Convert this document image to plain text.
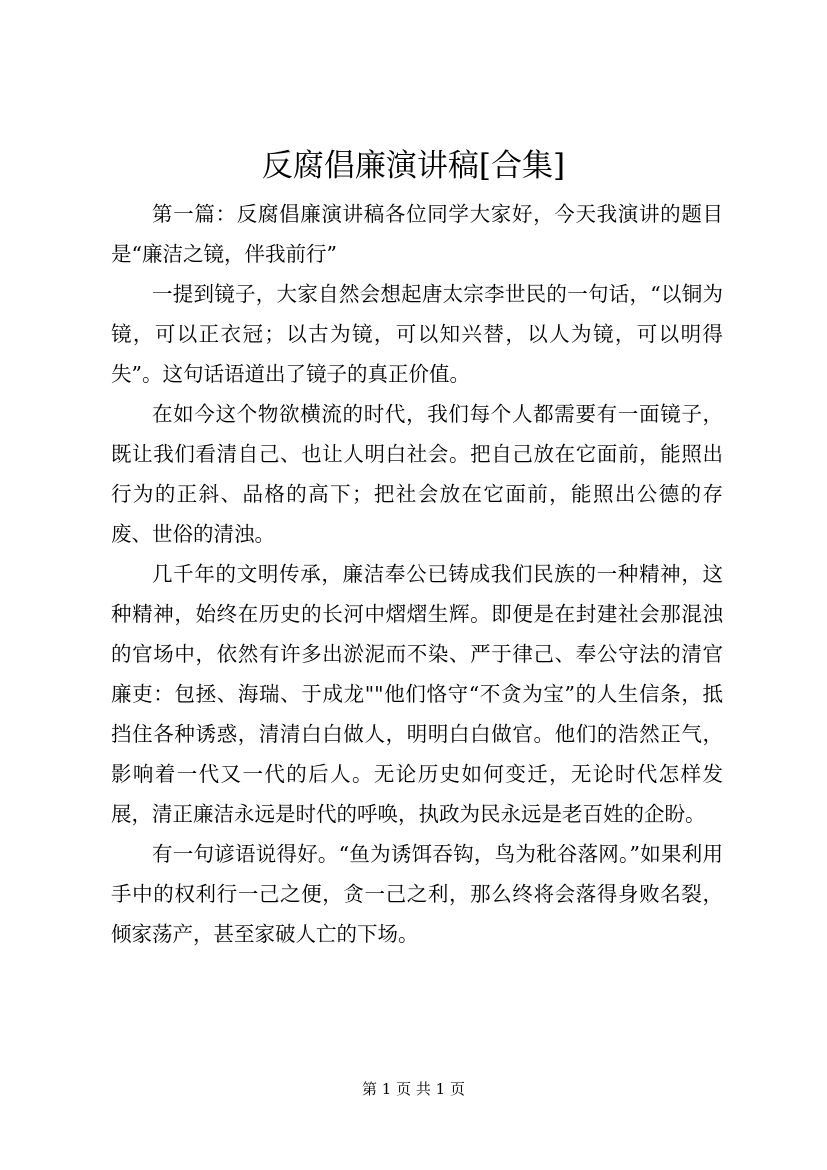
反腐倡廉演讲稿[合集]

第一篇：反腐倡廉演讲稿各位同学大家好，今天我演讲的题目是“廉洁之镜，伴我前行”

一提到镜子，大家自然会想起唐太宗李世民的一句话，“以铜为镜，可以正衣冠；以古为镜，可以知兴替，以人为镜，可以明得失”。这句话语道出了镜子的真正价值。

在如今这个物欲横流的时代，我们每个人都需要有一面镜子，既让我们看清自己、也让人明白社会。把自己放在它面前，能照出行为的正斜、品格的高下；把社会放在它面前，能照出公德的存废、世俗的清浊。

几千年的文明传承，廉洁奉公已铸成我们民族的一种精神，这种精神，始终在历史的长河中熠熠生辉。即便是在封建社会那混浊的官场中，依然有许多出淤泥而不染、严于律己、奉公守法的清官廉吏：包拯、海瑞、于成龙""他们恪守“不贪为宝”的人生信条，抵挡住各种诱惑，清清白白做人，明明白白做官。他们的浩然正气，影响着一代又一代的后人。无论历史如何变迁，无论时代怎样发展，清正廉洁永远是时代的呼唤，执政为民永远是老百姓的企盼。

有一句谚语说得好。“鱼为诱饵吞钩，鸟为秕谷落网。”如果利用手中的权利行一己之便，贪一己之利，那么终将会落得身败名裂，倾家荡产，甚至家破人亡的下场。

第 1 页 共 1 页
